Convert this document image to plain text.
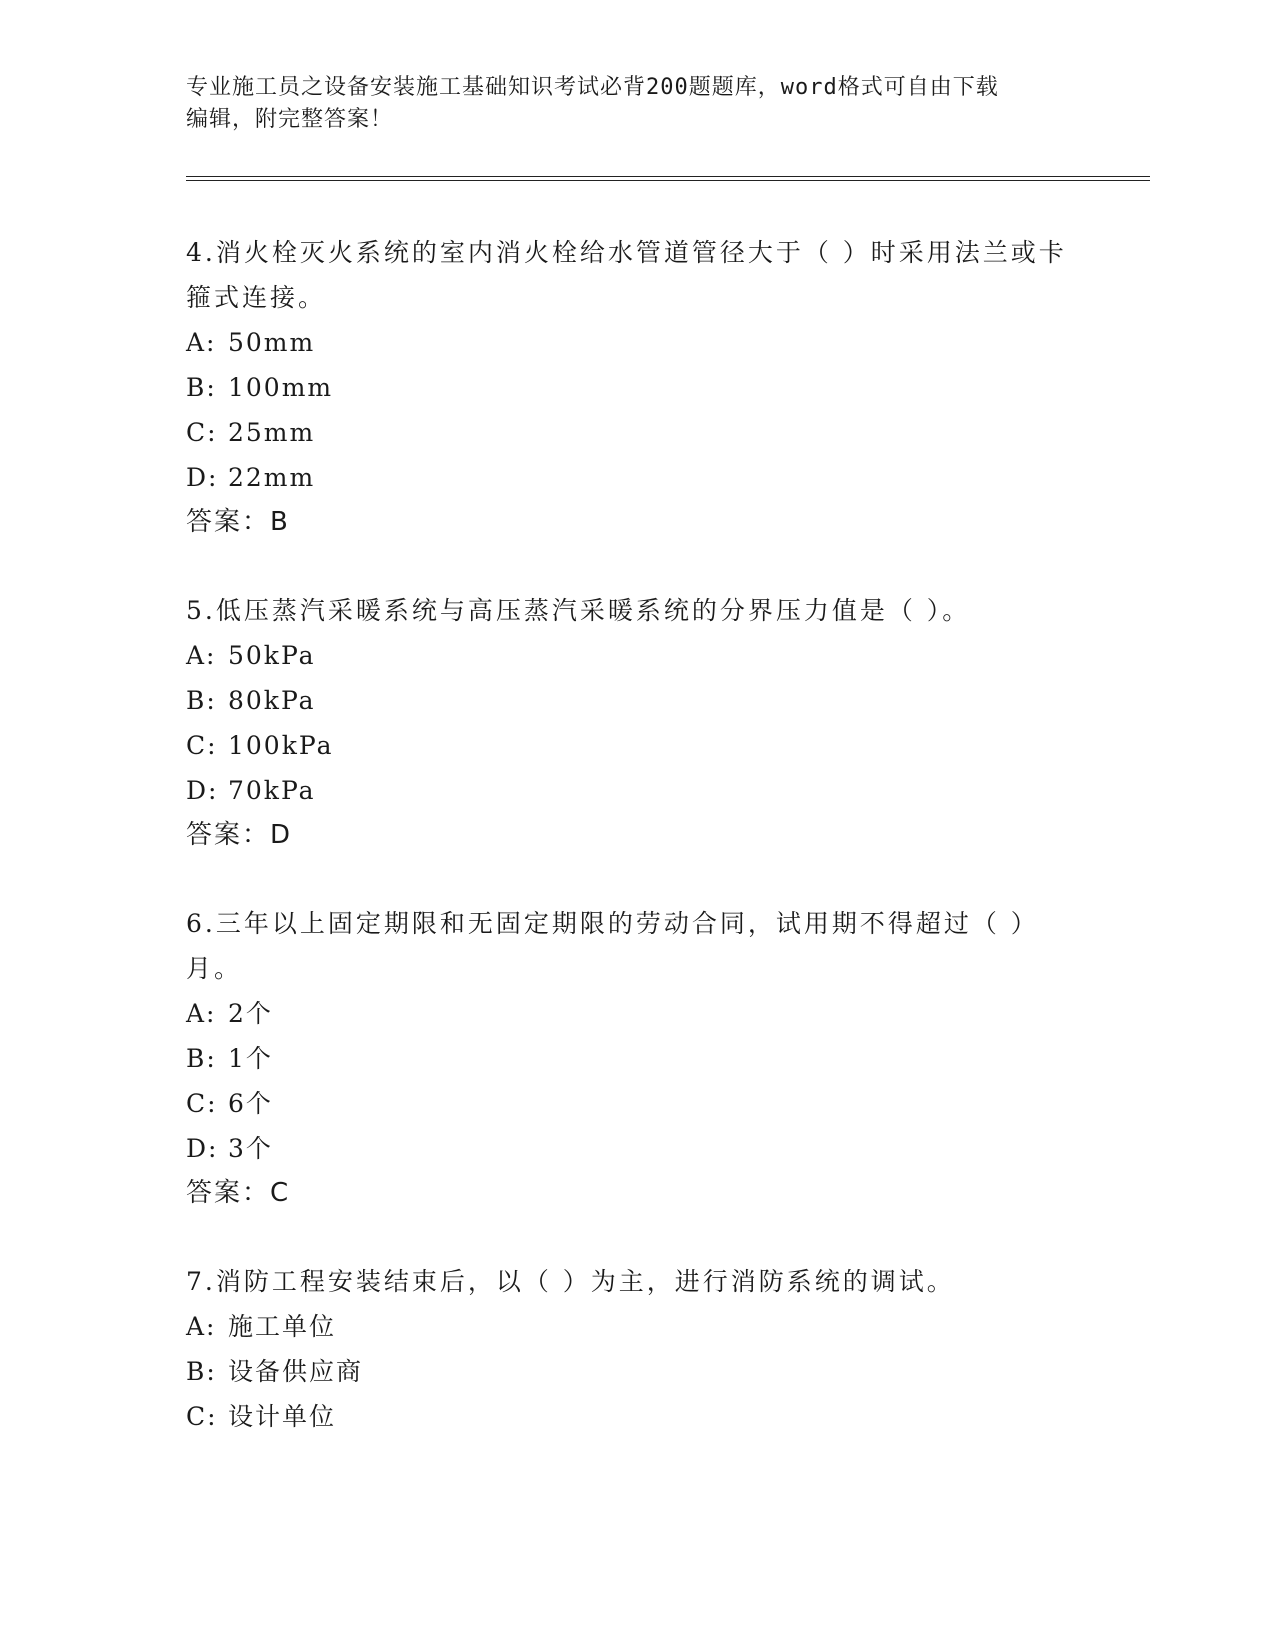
专业施工员之设备安装施工基础知识考试必背200题题库，word格式可自由下载
编辑，附完整答案！

4.消火栓灭火系统的室内消火栓给水管道管径大于（ ）时采用法兰或卡箍式连接。

A: 50mm
B: 100mm
C: 25mm
D: 22mm

答案：B

5.低压蒸汽采暖系统与高压蒸汽采暖系统的分界压力值是（ ）。

A: 50kPa
B: 80kPa
C: 100kPa
D: 70kPa

答案：D

6.三年以上固定期限和无固定期限的劳动合同，试用期不得超过（ ）月。

A: 2个
B: 1个
C: 6个
D: 3个

答案：C

7.消防工程安装结束后，以（ ）为主，进行消防系统的调试。

A: 施工单位
B: 设备供应商
C: 设计单位
